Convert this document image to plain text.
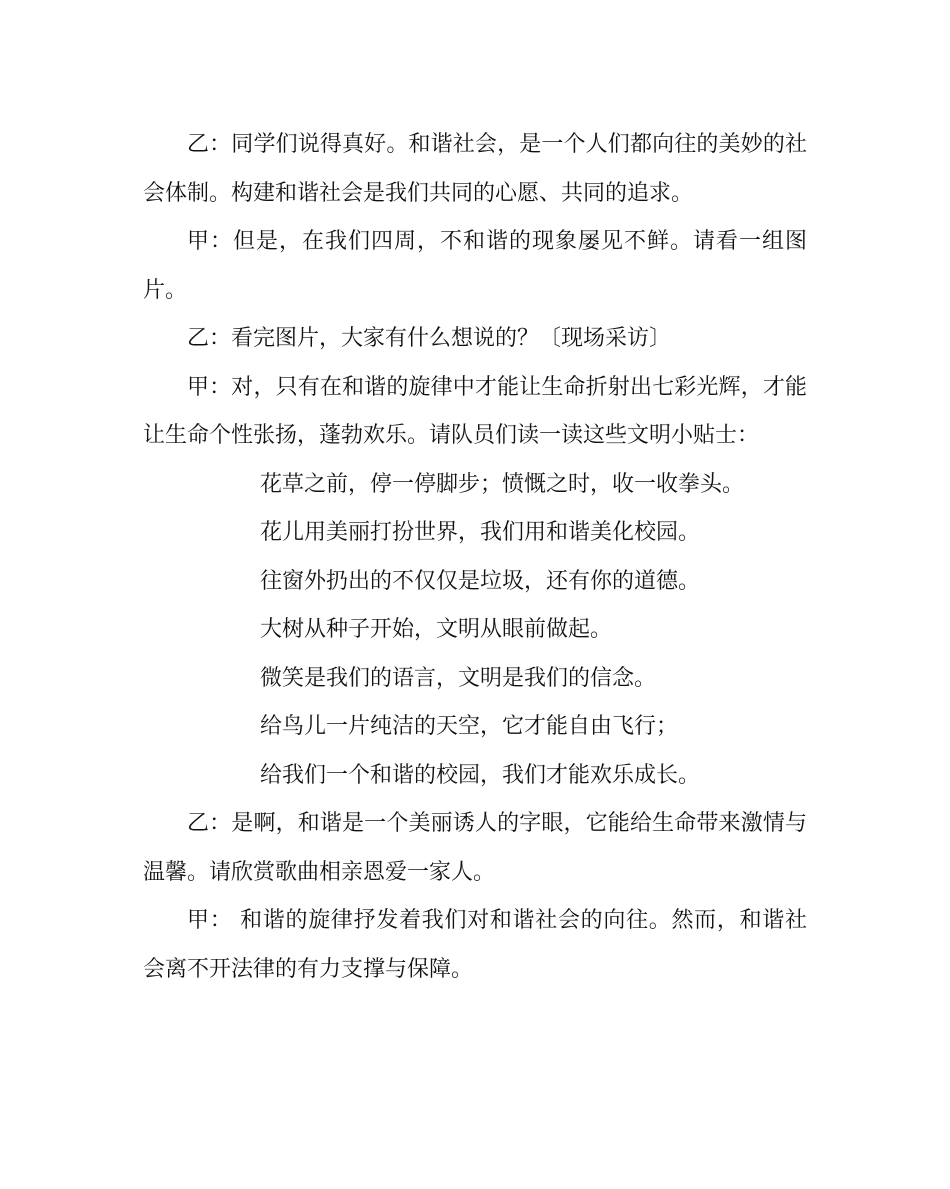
乙：同学们说得真好。和谐社会，是一个人们都向往的美妙的社会体制。构建和谐社会是我们共同的心愿、共同的追求。

甲：但是，在我们四周，不和谐的现象屡见不鲜。请看一组图片。

乙：看完图片，大家有什么想说的？〔现场采访〕

甲：对，只有在和谐的旋律中才能让生命折射出七彩光辉，才能让生命个性张扬，蓬勃欢乐。请队员们读一读这些文明小贴士：

花草之前，停一停脚步；愤慨之时，收一收拳头。

花儿用美丽打扮世界，我们用和谐美化校园。

往窗外扔出的不仅仅是垃圾，还有你的道德。

大树从种子开始，文明从眼前做起。

微笑是我们的语言，文明是我们的信念。

给鸟儿一片纯洁的天空，它才能自由飞行；

给我们一个和谐的校园，我们才能欢乐成长。

乙：是啊，和谐是一个美丽诱人的字眼，它能给生命带来激情与温馨。请欣赏歌曲相亲恩爱一家人。

甲： 和谐的旋律抒发着我们对和谐社会的向往。然而，和谐社会离不开法律的有力支撑与保障。
